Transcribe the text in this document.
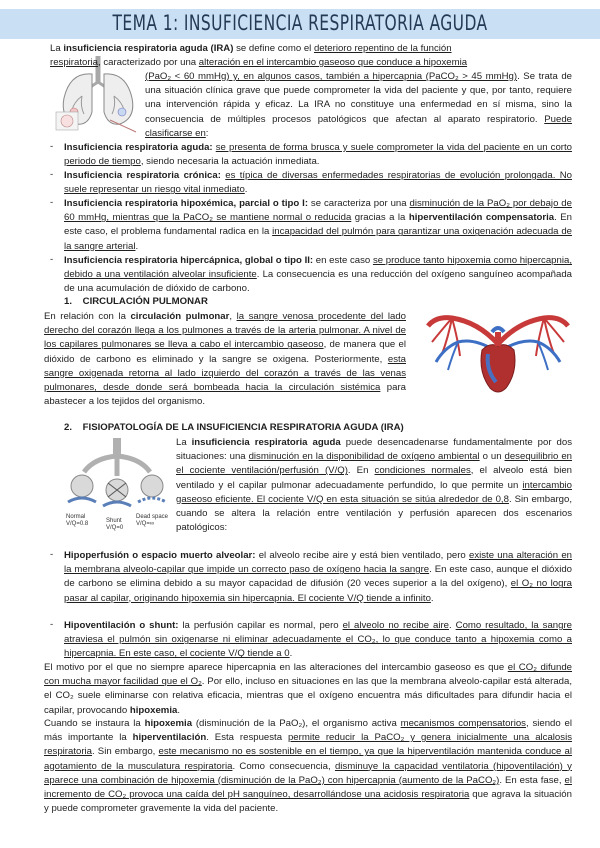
TEMA 1: INSUFICIENCIA RESPIRATORIA AGUDA
La insuficiencia respiratoria aguda (IRA) se define como el deterioro repentino de la función
respiratoria, caracterizado por una alteración en el intercambio gaseoso que conduce a hipoxemia
(PaO₂ < 60 mmHg) y, en algunos casos, también a hipercapnia (PaCO₂ > 45 mmHg). Se trata de una situación clínica grave que puede comprometer la vida del paciente y que, por tanto, requiere una intervención rápida y eficaz. La IRA no constituye una enfermedad en sí misma, sino la consecuencia de múltiples procesos patológicos que afectan al aparato respiratorio. Puede clasificarse en:
- Insuficiencia respiratoria aguda: se presenta de forma brusca y suele comprometer la vida del paciente en un corto periodo de tiempo, siendo necesaria la actuación inmediata.
- Insuficiencia respiratoria crónica: es típica de diversas enfermedades respiratorias de evolución prolongada. No suele representar un riesgo vital inmediato.
- Insuficiencia respiratoria hipoxémica, parcial o tipo I: se caracteriza por una disminución de la PaO₂ por debajo de 60 mmHg, mientras que la PaCO₂ se mantiene normal o reducida gracias a la hiperventilación compensatoria. En este caso, el problema fundamental radica en la incapacidad del pulmón para garantizar una oxigenación adecuada de la sangre arterial.
- Insuficiencia respiratoria hipercápnica, global o tipo II: en este caso se produce tanto hipoxemia como hipercapnia, debido a una ventilación alveolar insuficiente. La consecuencia es una reducción del oxígeno sanguíneo acompañada de una acumulación de dióxido de carbono.
1.    CIRCULACIÓN PULMONAR
En relación con la circulación pulmonar, la sangre venosa procedente del lado derecho del corazón llega a los pulmones a través de la arteria pulmonar. A nivel de los capilares pulmonares se lleva a cabo el intercambio gaseoso, de manera que el dióxido de carbono es eliminado y la sangre se oxigena. Posteriormente, esta sangre oxigenada retorna al lado izquierdo del corazón a través de las venas pulmonares, desde donde será bombeada hacia la circulación sistémica para abastecer a los tejidos del organismo.
2.    FISIOPATOLOGÍA DE LA INSUFICIENCIA RESPIRATORIA AGUDA (IRA)
Normal
V/Q=0.8	Shunt
V/Q=0
Dead space
V/Q=∞
La insuficiencia respiratoria aguda puede desencadenarse fundamentalmente por dos situaciones: una disminución en la disponibilidad de oxígeno ambiental o un desequilibrio en el cociente ventilación/perfusión (V/Q). En condiciones normales, el alveolo está bien ventilado y el capilar pulmonar adecuadamente perfundido, lo que permite un intercambio gaseoso eficiente. El cociente V/Q en esta situación se sitúa alrededor de 0,8. Sin embargo, cuando se altera la relación entre ventilación y perfusión aparecen dos escenarios patológicos:
- Hipoperfusión o espacio muerto alveolar: el alveolo recibe aire y está bien ventilado, pero existe una alteración en la membrana alveolo-capilar que impide un correcto paso de oxígeno hacia la sangre. En este caso, aunque el dióxido de carbono se elimina debido a su mayor capacidad de difusión (20 veces superior a la del oxígeno), el O₂ no logra pasar al capilar, originando hipoxemia sin hipercapnia. El cociente V/Q tiende a infinito.
- Hipoventilación o shunt: la perfusión capilar es normal, pero el alveolo no recibe aire. Como resultado, la sangre atraviesa el pulmón sin oxigenarse ni eliminar adecuadamente el CO₂, lo que conduce tanto a hipoxemia como a hipercapnia. En este caso, el cociente V/Q tiende a 0.
El motivo por el que no siempre aparece hipercapnia en las alteraciones del intercambio gaseoso es que el CO₂ difunde con mucha mayor facilidad que el O₂. Por ello, incluso en situaciones en las que la membrana alveolo-capilar está alterada, el CO₂ suele eliminarse con relativa eficacia, mientras que el oxígeno encuentra más dificultades para difundir hacia el capilar, provocando hipoxemia.
Cuando se instaura la hipoxemia (disminución de la PaO₂), el organismo activa mecanismos compensatorios, siendo el más importante la hiperventilación. Esta respuesta permite reducir la PaCO₂ y genera inicialmente una alcalosis respiratoria. Sin embargo, este mecanismo no es sostenible en el tiempo, ya que la hiperventilación mantenida conduce al agotamiento de la musculatura respiratoria. Como consecuencia, disminuye la capacidad ventilatoria (hipoventilación) y aparece una combinación de hipoxemia (disminución de la PaO₂) con hipercapnia (aumento de la PaCO₂). En esta fase, el incremento de CO₂ provoca una caída del pH sanguíneo, desarrollándose una acidosis respiratoria que agrava la situación y puede comprometer gravemente la vida del paciente.
